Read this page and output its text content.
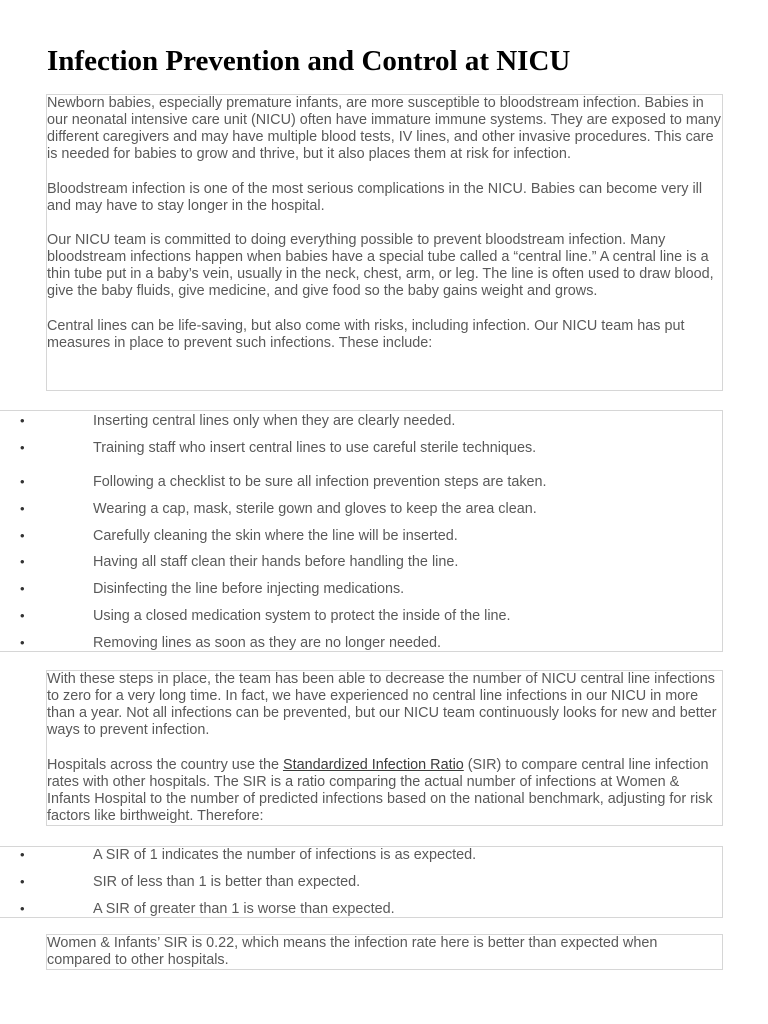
Infection Prevention and Control at NICU

Newborn babies, especially premature infants, are more susceptible to bloodstream infection. Babies in our neonatal intensive care unit (NICU) often have immature immune systems. They are exposed to many different caregivers and may have multiple blood tests, IV lines, and other invasive procedures. This care is needed for babies to grow and thrive, but it also places them at risk for infection.

Bloodstream infection is one of the most serious complications in the NICU. Babies can become very ill and may have to stay longer in the hospital.

Our NICU team is committed to doing everything possible to prevent bloodstream infection. Many bloodstream infections happen when babies have a special tube called a “central line.” A central line is a thin tube put in a baby’s vein, usually in the neck, chest, arm, or leg. The line is often used to draw blood, give the baby fluids, give medicine, and give food so the baby gains weight and grows.

Central lines can be life-saving, but also come with risks, including infection. Our NICU team has put measures in place to prevent such infections. These include:

•	Inserting central lines only when they are clearly needed.
•	Training staff who insert central lines to use careful sterile techniques.
•	Following a checklist to be sure all infection prevention steps are taken.
•	Wearing a cap, mask, sterile gown and gloves to keep the area clean.
•	Carefully cleaning the skin where the line will be inserted.
•	Having all staff clean their hands before handling the line.
•	Disinfecting the line before injecting medications.
•	Using a closed medication system to protect the inside of the line.
•	Removing lines as soon as they are no longer needed.

With these steps in place, the team has been able to decrease the number of NICU central line infections to zero for a very long time. In fact, we have experienced no central line infections in our NICU in more than a year. Not all infections can be prevented, but our NICU team continuously looks for new and better ways to prevent infection.

Hospitals across the country use the Standardized Infection Ratio (SIR) to compare central line infection rates with other hospitals. The SIR is a ratio comparing the actual number of infections at Women & Infants Hospital to the number of predicted infections based on the national benchmark, adjusting for risk factors like birthweight. Therefore:

•	A SIR of 1 indicates the number of infections is as expected.
•	SIR of less than 1 is better than expected.
•	A SIR of greater than 1 is worse than expected.

Women & Infants’ SIR is 0.22, which means the infection rate here is better than expected when compared to other hospitals.
